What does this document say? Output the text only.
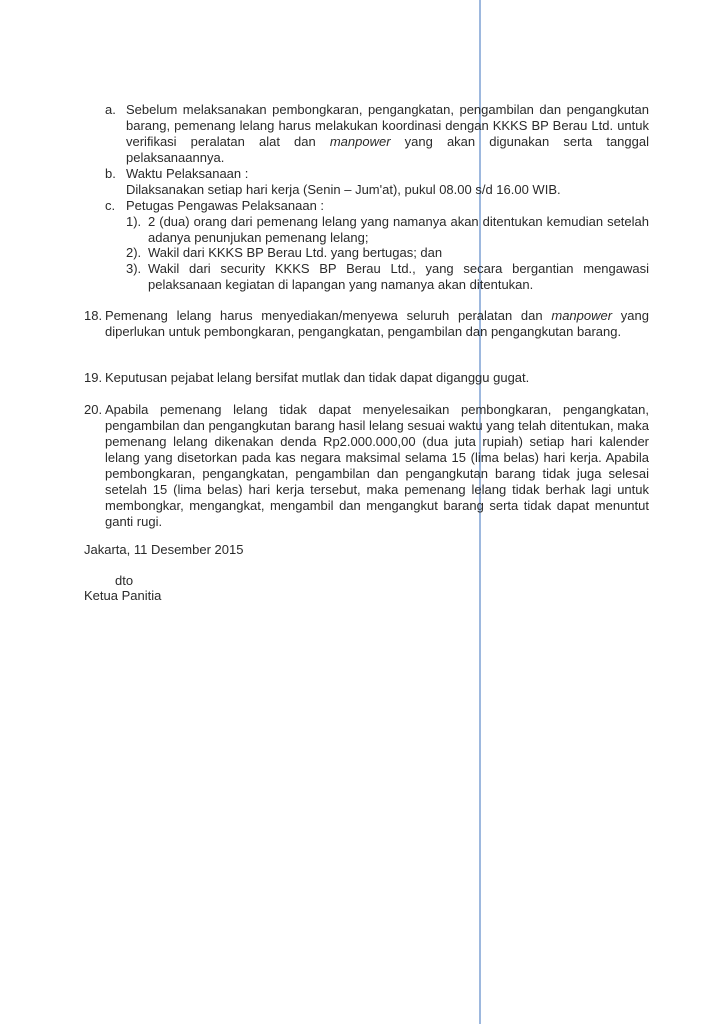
a. Sebelum melaksanakan pembongkaran, pengangkatan, pengambilan dan pengangkutan barang, pemenang lelang harus melakukan koordinasi dengan KKKS BP Berau Ltd. untuk verifikasi peralatan alat dan manpower yang akan digunakan serta tanggal pelaksanaannya.
b. Waktu Pelaksanaan :
Dilaksanakan setiap hari kerja (Senin – Jum'at), pukul 08.00 s/d 16.00 WIB.
c. Petugas Pengawas Pelaksanaan :
1). 2 (dua) orang dari pemenang lelang yang namanya akan ditentukan kemudian setelah adanya penunjukan pemenang lelang;
2). Wakil dari KKKS BP Berau Ltd. yang bertugas; dan
3). Wakil dari security KKKS BP Berau Ltd., yang secara bergantian mengawasi pelaksanaan kegiatan di lapangan yang namanya akan ditentukan.
18. Pemenang lelang harus menyediakan/menyewa seluruh peralatan dan manpower yang diperlukan untuk pembongkaran, pengangkatan, pengambilan dan pengangkutan barang.
19. Keputusan pejabat lelang bersifat mutlak dan tidak dapat diganggu gugat.
20. Apabila pemenang lelang tidak dapat menyelesaikan pembongkaran, pengangkatan, pengambilan dan pengangkutan barang hasil lelang sesuai waktu yang telah ditentukan, maka pemenang lelang dikenakan denda Rp2.000.000,00 (dua juta rupiah) setiap hari kalender lelang yang disetorkan pada kas negara maksimal selama 15 (lima belas) hari kerja. Apabila pembongkaran, pengangkatan, pengambilan dan pengangkutan barang tidak juga selesai setelah 15 (lima belas) hari kerja tersebut, maka pemenang lelang tidak berhak lagi untuk membongkar, mengangkat, mengambil dan mengangkut barang serta tidak dapat menuntut ganti rugi.
Jakarta, 11 Desember 2015
dto
Ketua Panitia
